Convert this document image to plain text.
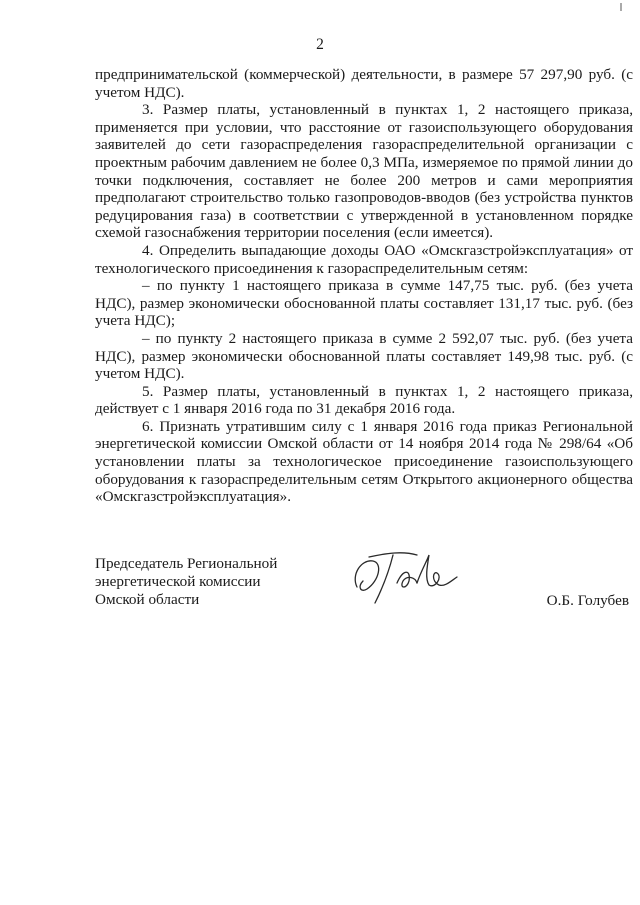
2

предпринимательской (коммерческой) деятельности, в размере 57 297,90 руб. (с учетом НДС).

3. Размер платы, установленный в пунктах 1, 2 настоящего приказа, применяется при условии, что расстояние от газоиспользующего оборудования заявителей до сети газораспределения газораспределительной организации с проектным рабочим давлением не более 0,3 МПа, измеряемое по прямой линии до точки подключения, составляет не более 200 метров и сами мероприятия предполагают строительство только газопроводов-вводов (без устройства пунктов редуцирования газа) в соответствии с утвержденной в установленном порядке схемой газоснабжения территории поселения (если имеется).

4. Определить выпадающие доходы ОАО «Омскгазстройэксплуатация» от технологического присоединения к газораспределительным сетям:

– по пункту 1 настоящего приказа в сумме 147,75 тыс. руб. (без учета НДС), размер экономически обоснованной платы составляет 131,17 тыс. руб. (без учета НДС);

– по пункту 2 настоящего приказа в сумме 2 592,07 тыс. руб. (без учета НДС), размер экономически обоснованной платы составляет 149,98 тыс. руб. (с учетом НДС).

5. Размер платы, установленный в пунктах 1, 2 настоящего приказа, действует с 1 января 2016 года по 31 декабря 2016 года.

6. Признать утратившим силу с 1 января 2016 года приказ Региональной энергетической комиссии Омской области от 14 ноября 2014 года № 298/64 «Об установлении платы за технологическое присоединение газоиспользующего оборудования к газораспределительным сетям Открытого акционерного общества «Омскгазстройэксплуатация».

Председатель Региональной
энергетической комиссии
Омской области	О.Б. Голубев
